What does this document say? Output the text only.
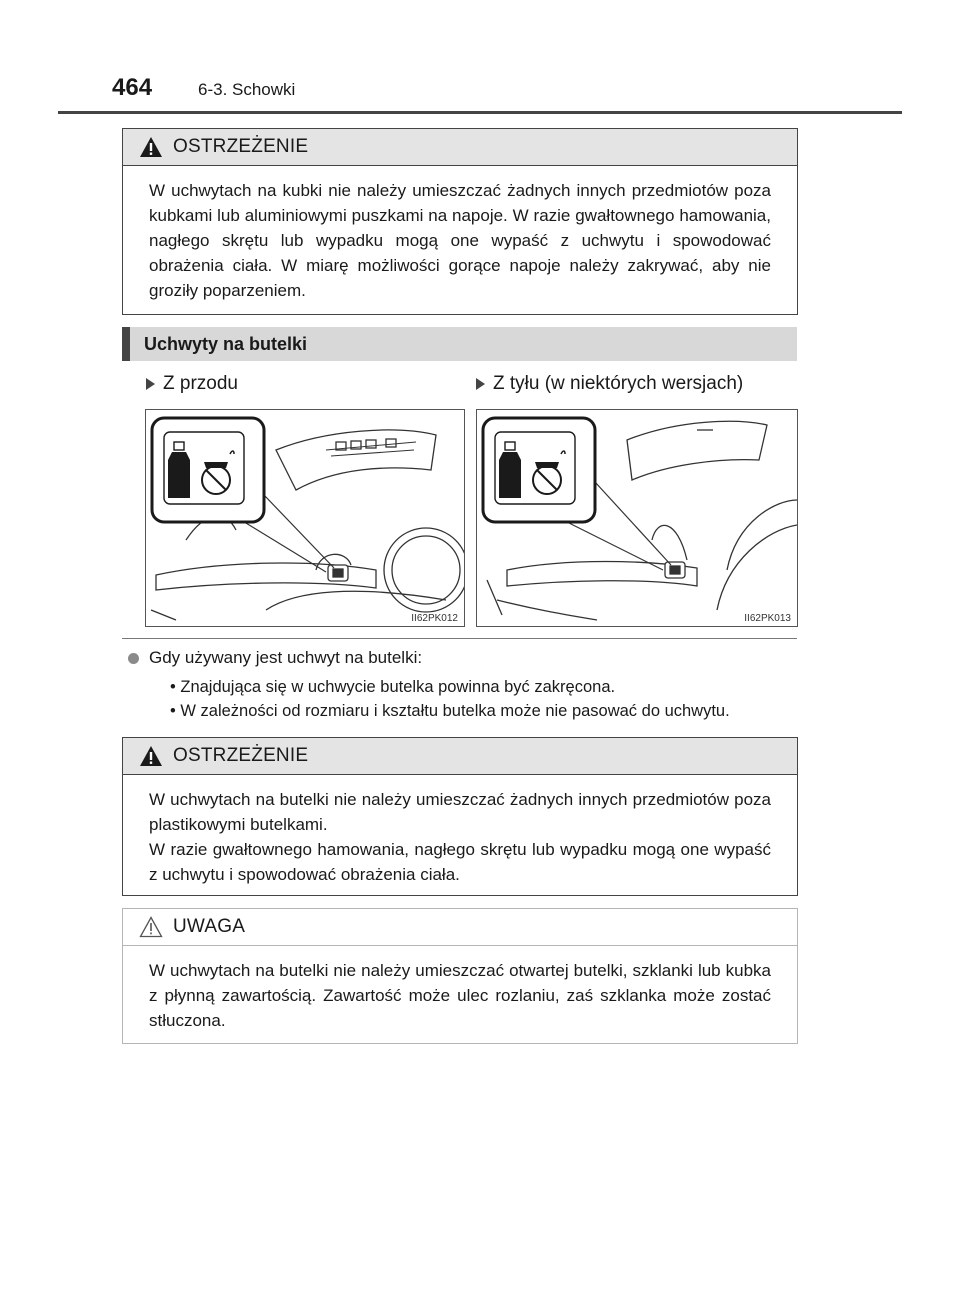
464	6-3. Schowki
OSTRZEŻENIE

W uchwytach na kubki nie należy umieszczać żadnych innych przedmiotów poza kubkami lub aluminiowymi puszkami na napoje. W razie gwałtownego hamowania, nagłego skrętu lub wypadku mogą one wypaść z uchwytu i spowodować obrażenia ciała. W miarę możliwości gorące napoje należy zakrywać, aby nie groziły poparzeniem.

Uchwyty na butelki
Z przodu	Z tyłu (w niektórych wersjach)
II62PK012	II62PK013
Gdy używany jest uchwyt na butelki:
• Znajdująca się w uchwycie butelka powinna być zakręcona.
• W zależności od rozmiaru i kształtu butelka może nie pasować do uchwytu.
OSTRZEŻENIE

W uchwytach na butelki nie należy umieszczać żadnych innych przedmiotów poza plastikowymi butelkami.

W razie gwałtownego hamowania, nagłego skrętu lub wypadku mogą one wypaść z uchwytu i spowodować obrażenia ciała.

UWAGA

W uchwytach na butelki nie należy umieszczać otwartej butelki, szklanki lub kubka z płynną zawartością. Zawartość może ulec rozlaniu, zaś szklanka może zostać stłuczona.
